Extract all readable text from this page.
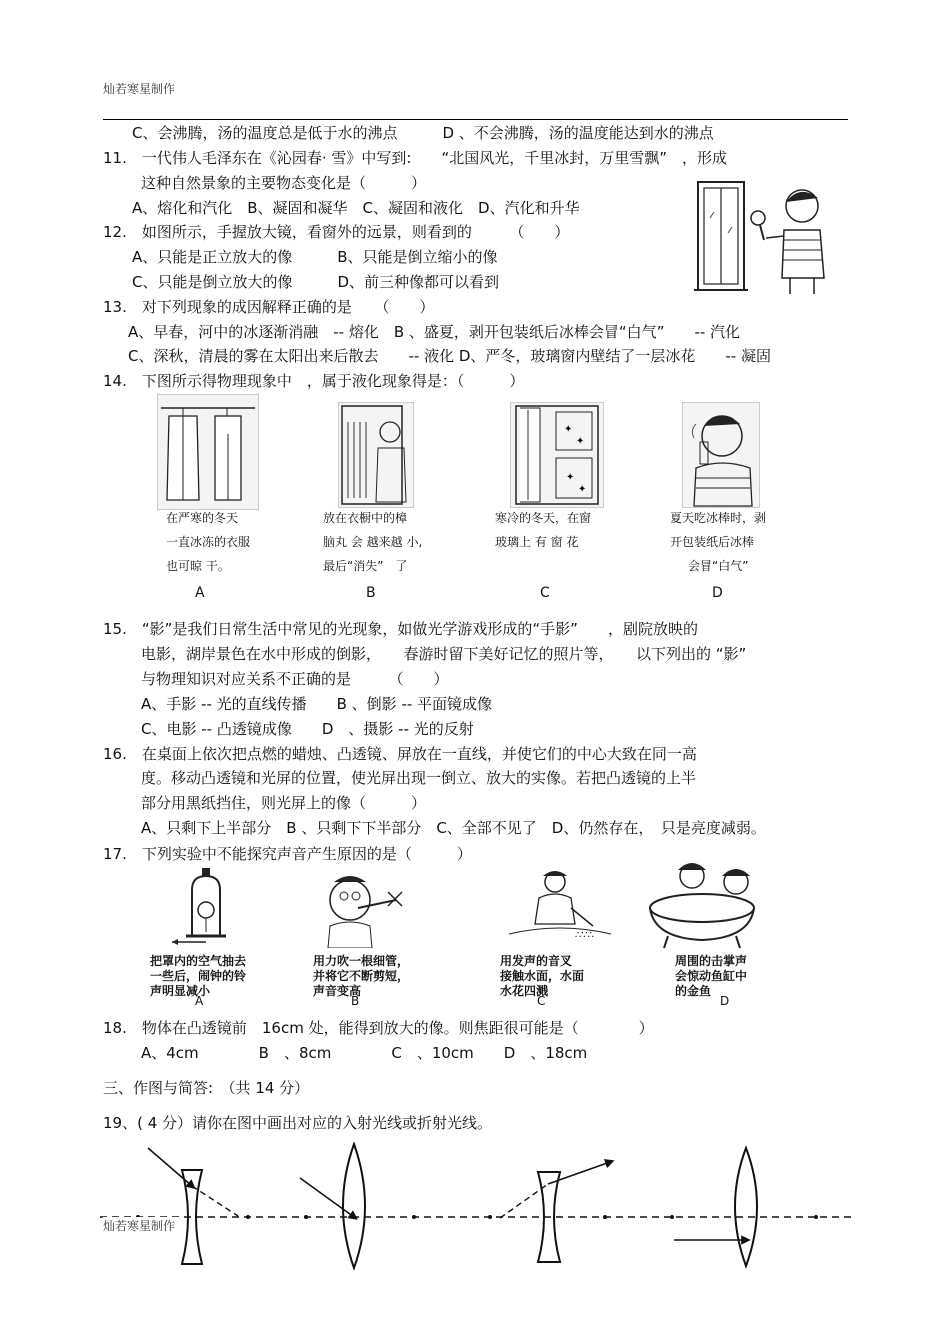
灿若寒星制作
C、会沸腾，汤的温度总是低于水的沸点　　　D 、不会沸腾，汤的温度能达到水的沸点
11.　一代伟人毛泽东在《沁园春· 雪》中写到:　　“北国风光，千里冰封，万里雪飘”　，形成
这种自然景象的主要物态变化是（　　　）
A、熔化和汽化　B、凝固和凝华　C、凝固和液化　D、汽化和升华
12.　如图所示，手握放大镜，看窗外的远景，则看到的　　　（　　）
A、只能是正立放大的像　　　B、只能是倒立缩小的像
C、只能是倒立放大的像　　　D、前三种像都可以看到
13.　对下列现象的成因解释正确的是　　（　　）
A、早春，河中的冰逐渐消融　-- 熔化　B 、盛夏，剥开包装纸后冰棒会冒“白气”　　-- 汽化
C、深秋，清晨的雾在太阳出来后散去　　-- 液化 D、严冬，玻璃窗内壁结了一层冰花　　-- 凝固
14.　下图所示得物理现象中　，属于液化现象得是：（　　　）
✦
✦
✦
✦
在严寒的冬天
一直冰冻的衣服
也可晾 干。
放在衣橱中的樟
脑丸 会 越来越 小,
最后“消失”　了
寒冷的冬天，在窗
玻璃上 有 窗 花
夏天吃冰棒时，剥
开包装纸后冰棒
会冒“白气”
A	B	C	D
15.　“影”是我们日常生活中常见的光现象，如做光学游戏形成的“手影”　　，剧院放映的
电影，湖岸景色在水中形成的倒影，　　春游时留下美好记忆的照片等，　　以下列出的 “影”
与物理知识对应关系不正确的是　　　（　　）
A、手影 -- 光的直线传播　　B 、倒影 -- 平面镜成像
C、电影 -- 凸透镜成像　　D　、摄影 -- 光的反射
16.　在桌面上依次把点燃的蜡烛、凸透镜、屏放在一直线，并使它们的中心大致在同一高
度。移动凸透镜和光屏的位置，使光屏出现一倒立、放大的实像。若把凸透镜的上半
部分用黑纸挡住，则光屏上的像（　　　）
A、只剩下上半部分　B 、只剩下下半部分　C、全部不见了　D、仍然存在，　只是亮度减弱。
17.　下列实验中不能探究声音产生原因的是（　　　）
∴∵∴
把罩内的空气抽去
一些后，闹钟的铃
声明显减小
用力吹一根细管，
并将它不断剪短，
声音变高
用发声的音叉
接触水面，水面
水花四溅
周围的击掌声
会惊动鱼缸中
的金鱼
A	B	C	D
18.　物体在凸透镜前　16cm 处，能得到放大的像。则焦距很可能是（　　　　）
A、4cm　　　　B　、8cm　　　　C　、10cm　　D　、18cm
三、作图与简答:　（共 14 分）
19、( 4 分）请你在图中画出对应的入射光线或折射光线。
灿若寒星制作
